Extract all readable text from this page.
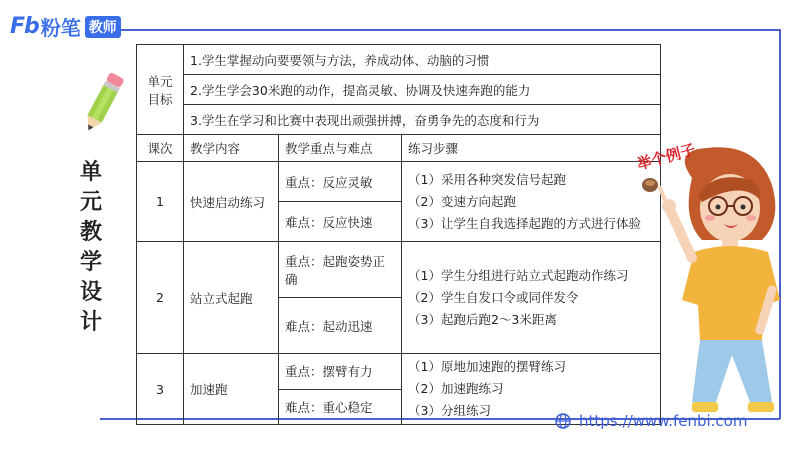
Fb 粉笔 教师
单
元
教
学
设
计
单元
目标	1.学生掌握动向要要领与方法，养成动体、动脑的习惯		
	2.学生学会30米跑的动作，提高灵敏、协调及快速奔跑的能力		
	3.学生在学习和比赛中表现出顽强拼搏，奋勇争先的态度和行为		
课次	教学内容	教学重点与难点	练习步骤
1	快速启动练习	重点：反应灵敏	（1）采用各种突发信号起跑
（2）变速方向起跑
（3）让学生自我选择起跑的方式进行体验

		难点：反应快速	
2	站立式起跑	重点：起跑姿势正确	（1）学生分组进行站立式起跑动作练习
（2）学生自发口令或同伴发令
（3）起跑后跑2～3米距离

		难点：起动迅速	
3	加速跑	重点：摆臂有力	（1）原地加速跑的摆臂练习
（2）加速跑练习
（3）分组练习

		难点：重心稳定	
举个例子
https://www.fenbi.com
